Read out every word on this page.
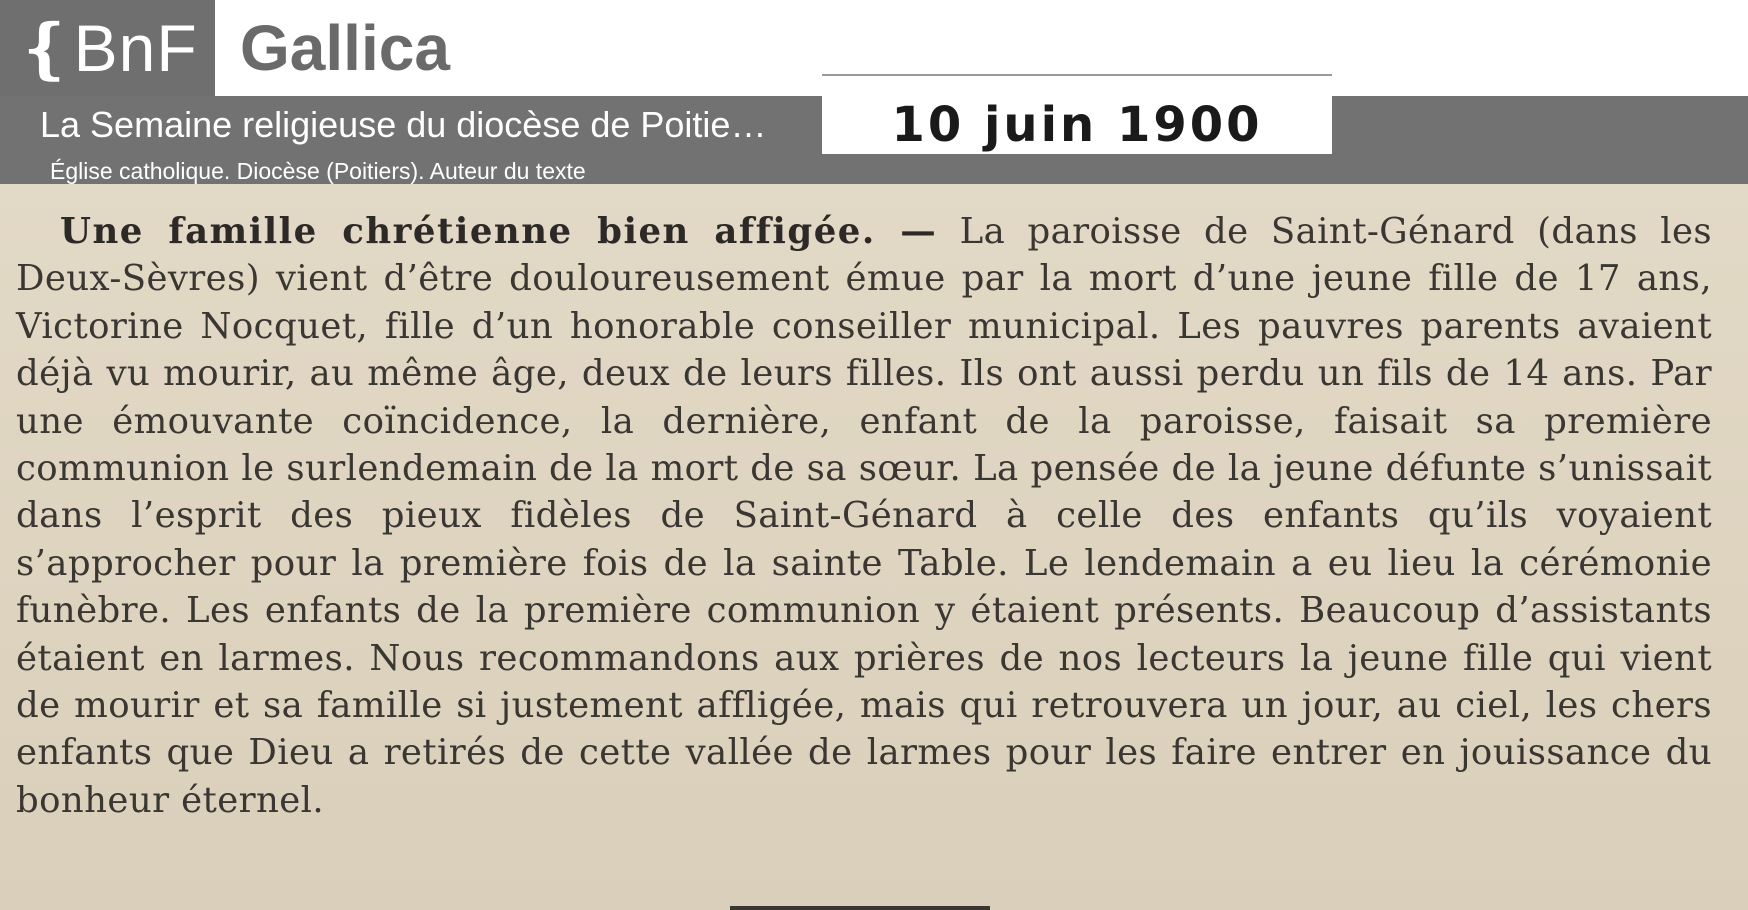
❴BnF Gallica
La Semaine religieuse du diocèse de Poitie…
Église catholique. Diocèse (Poitiers). Auteur du texte
10 juin 1900

Une famille chrétienne bien affigée. — La paroisse de Saint-Génard (dans les Deux-Sèvres) vient d’être douloureusement émue par la mort d’une jeune fille de 17 ans, Victorine Nocquet, fille d’un honorable conseiller municipal. Les pauvres parents avaient déjà vu mourir, au même âge, deux de leurs filles. Ils ont aussi perdu un fils de 14 ans. Par une émouvante coïncidence, la dernière, enfant de la paroisse, faisait sa première communion le surlendemain de la mort de sa sœur. La pensée de la jeune défunte s’unissait dans l’esprit des pieux fidèles de Saint-Génard à celle des enfants qu’ils voyaient s’approcher pour la première fois de la sainte Table. Le lendemain a eu lieu la cérémonie funèbre. Les enfants de la première communion y étaient présents. Beaucoup d’assistants étaient en larmes. Nous recommandons aux prières de nos lecteurs la jeune fille qui vient de mourir et sa famille si justement affligée, mais qui retrouvera un jour, au ciel, les chers enfants que Dieu a retirés de cette vallée de larmes pour les faire entrer en jouissance du bonheur éternel.
